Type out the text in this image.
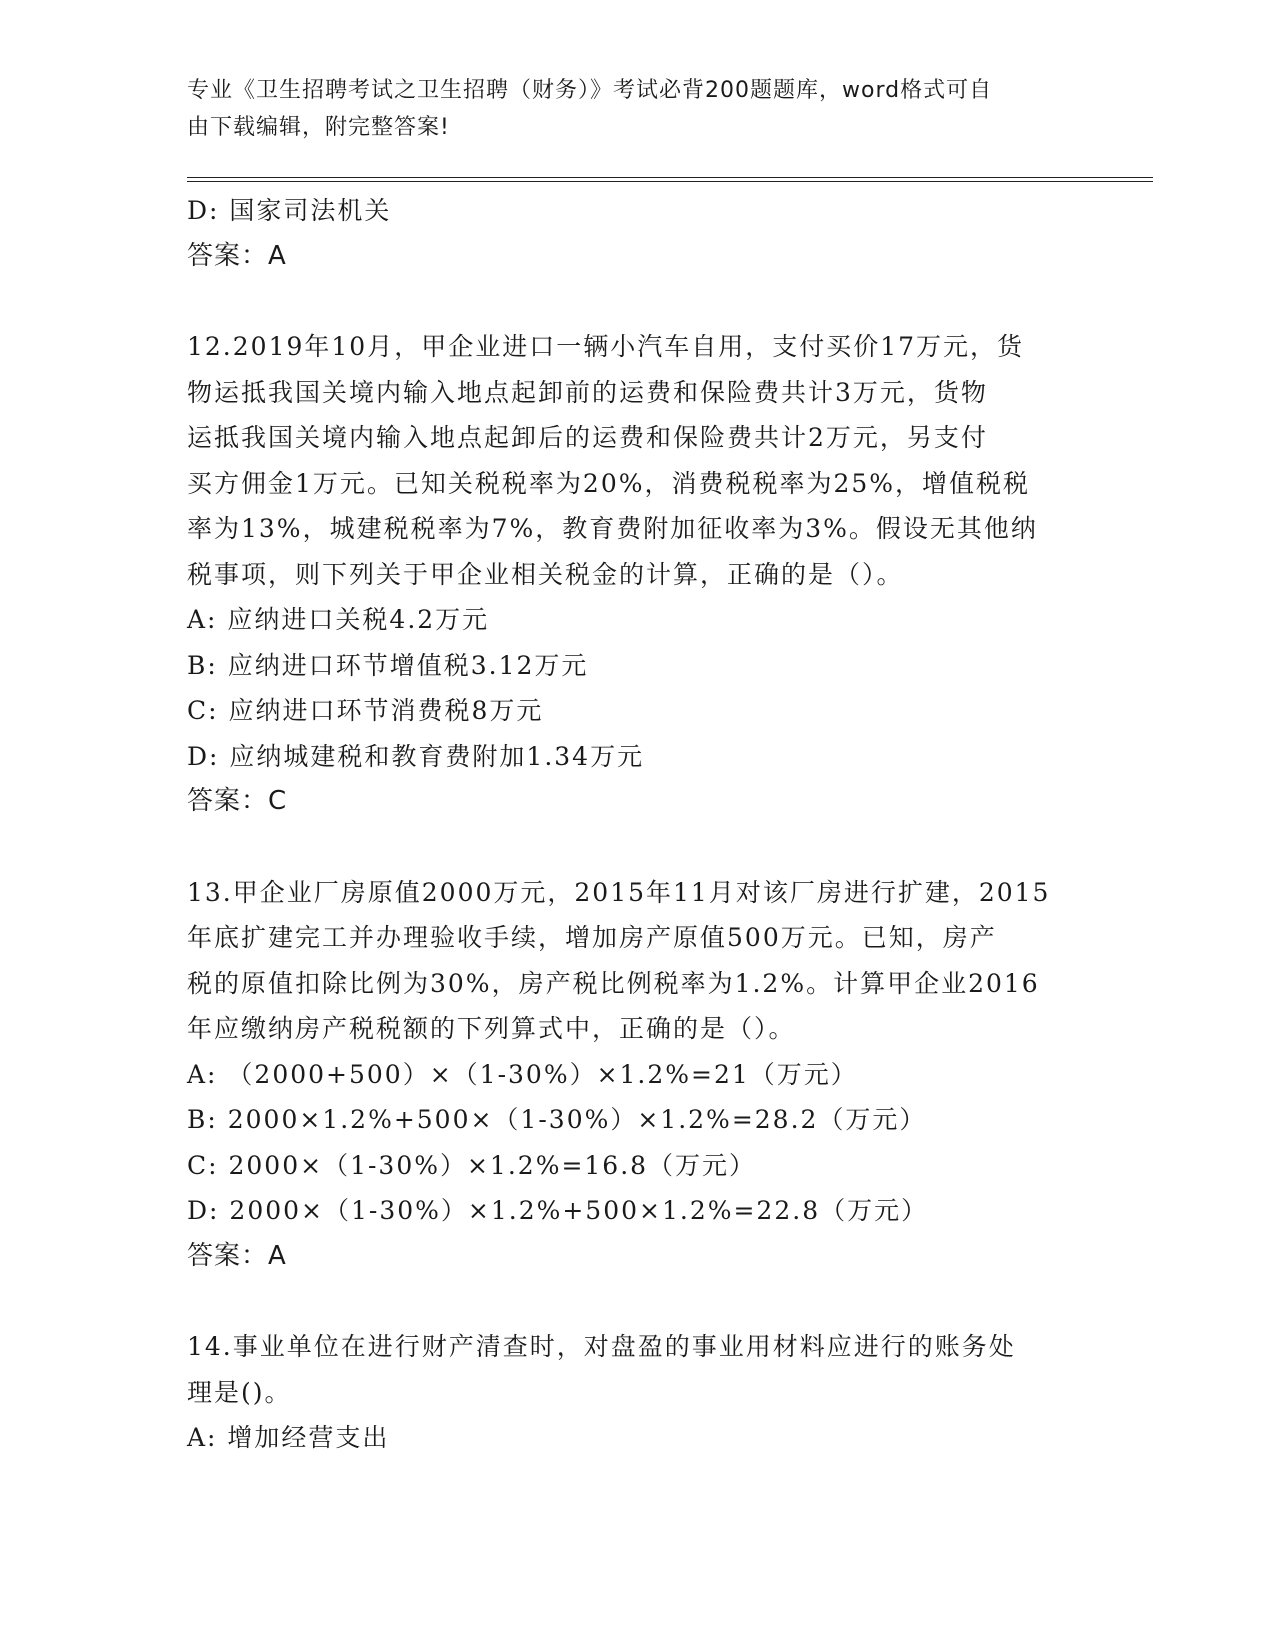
专业《卫生招聘考试之卫生招聘（财务）》考试必背200题题库，word格式可自
由下载编辑，附完整答案!
D: 国家司法机关
答案：A
12.2019年10月，甲企业进口一辆小汽车自用，支付买价17万元，货
物运抵我国关境内输入地点起卸前的运费和保险费共计3万元，货物
运抵我国关境内输入地点起卸后的运费和保险费共计2万元，另支付
买方佣金1万元。已知关税税率为20%，消费税税率为25%，增值税税
率为13%，城建税税率为7%，教育费附加征收率为3%。假设无其他纳
税事项，则下列关于甲企业相关税金的计算，正确的是（）。
A: 应纳进口关税4.2万元
B: 应纳进口环节增值税3.12万元
C: 应纳进口环节消费税8万元
D: 应纳城建税和教育费附加1.34万元
答案：C
13.甲企业厂房原值2000万元，2015年11月对该厂房进行扩建，2015
年底扩建完工并办理验收手续，增加房产原值500万元。已知，房产
税的原值扣除比例为30%，房产税比例税率为1.2%。计算甲企业2016
年应缴纳房产税税额的下列算式中，正确的是（）。
A: （2000+500）×（1-30%）×1.2%=21（万元）
B: 2000×1.2%+500×（1-30%）×1.2%=28.2（万元）
C: 2000×（1-30%）×1.2%=16.8（万元）
D: 2000×（1-30%）×1.2%+500×1.2%=22.8（万元）
答案：A
14.事业单位在进行财产清查时，对盘盈的事业用材料应进行的账务处
理是()。
A: 增加经营支出
